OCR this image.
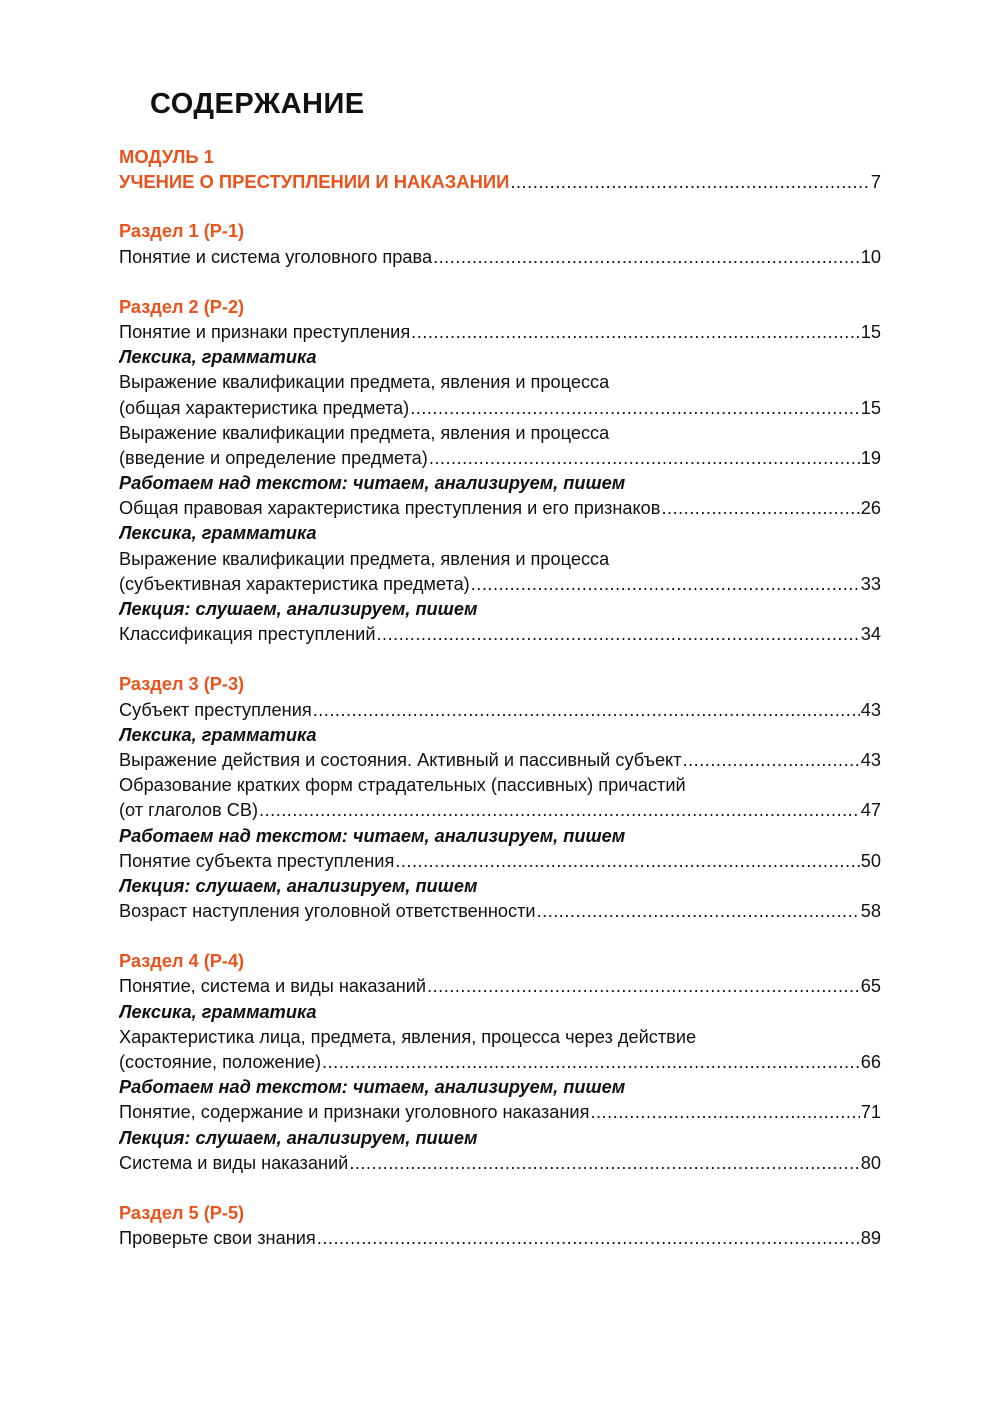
СОДЕРЖАНИЕ
МОДУЛЬ 1
УЧЕНИЕ О ПРЕСТУПЛЕНИИ И НАКАЗАНИИ .....	7
Раздел 1 (Р-1)
Понятие и система уголовного права .....	10
Раздел 2 (Р-2)
Понятие и признаки преступления .....	15
Лексика, грамматика
Выражение квалификации предмета, явления и процесса
(общая характеристика предмета) .....	15
Выражение квалификации предмета, явления и процесса
(введение и определение предмета) .....	19
Работаем над текстом: читаем, анализируем, пишем
Общая правовая характеристика преступления и его признаков .....	26
Лексика, грамматика
Выражение квалификации предмета, явления и процесса
(субъективная характеристика предмета) .....	33
Лекция: слушаем, анализируем, пишем
Классификация преступлений .....	34
Раздел 3 (Р-3)
Субъект преступления .....	43
Лексика, грамматика
Выражение действия и состояния. Активный и пассивный субъект .....	43
Образование кратких форм страдательных (пассивных) причастий
(от глаголов СВ) .....	47
Работаем над текстом: читаем, анализируем, пишем
Понятие субъекта преступления .....	50
Лекция: слушаем, анализируем, пишем
Возраст наступления уголовной ответственности .....	58
Раздел 4 (Р-4)
Понятие, система и виды наказаний .....	65
Лексика, грамматика
Характеристика лица, предмета, явления, процесса через действие
(состояние, положение) .....	66
Работаем над текстом: читаем, анализируем, пишем
Понятие, содержание и признаки уголовного наказания .....	71
Лекция: слушаем, анализируем, пишем
Система и виды наказаний .....	80
Раздел 5 (Р-5)
Проверьте свои знания .....	89
